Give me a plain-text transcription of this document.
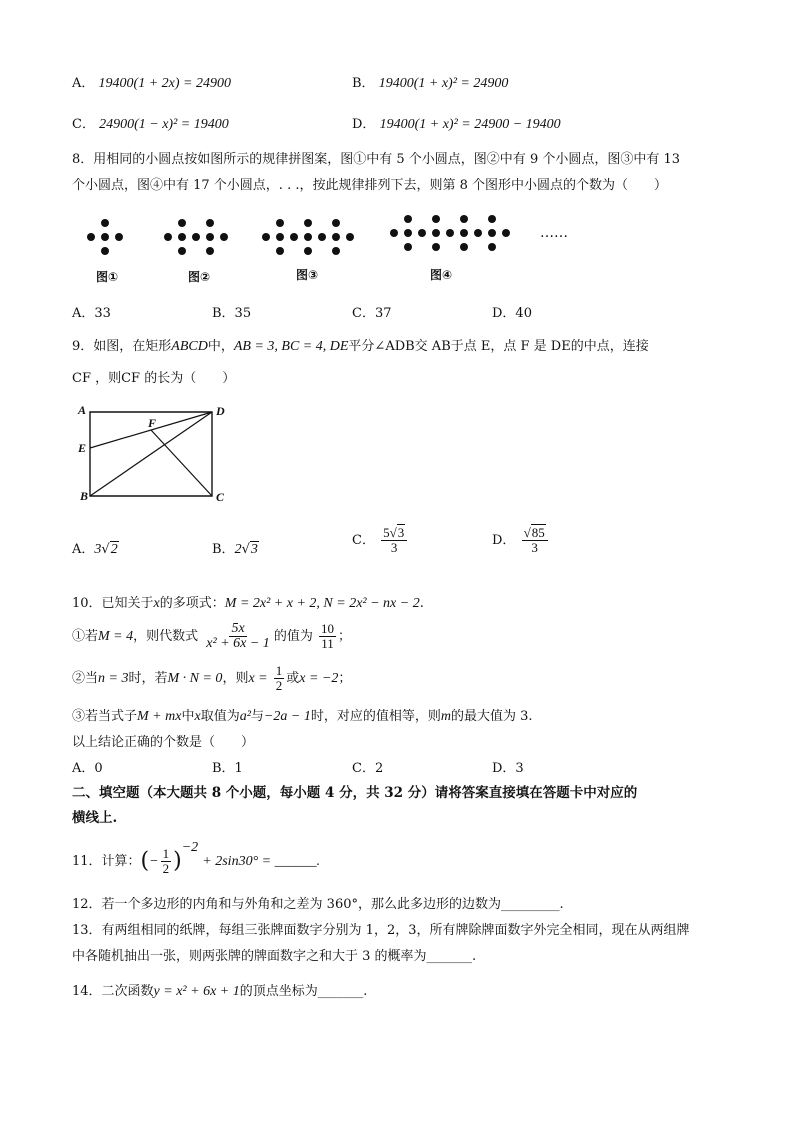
A． 19400(1 + 2x) = 24900	B． 19400(1 + x)² = 24900
C． 24900(1 − x)² = 19400	D． 19400(1 + x)² = 24900 − 19400
8．用相同的小圆点按如图所示的规律拼图案，图①中有 5 个小圆点，图②中有 9 个小圆点，图③中有 13
个小圆点，图④中有 17 个小圆点，. . .，按此规律排列下去，则第 8 个图形中小圆点的个数为（　　）
……
图①	图②	图③	图④
A．33	B．35	C．37	D．40
9．如图，在矩形ABCD中，AB = 3, BC = 4, DE平分∠ADB交 AB于点 E，点 F 是 DE的中点，连接
CF ，则CF 的长为（　　）
A	D
E
F
B	C
A．3√2	B．2√3
C． $\frac{5√3}{3}$	D． $\frac{√85}{3}$
10．已知关于x的多项式：M = 2x² + x + 2, N = 2x² − nx − 2.
①若M = 4，则代数式 $\frac{5x}{\text{x² + 6x − 1}}$ 的值为 $\frac{10}{11}$ ；
②当n = 3时，若M · N = 0，则$x = \frac{1}{2}$ 或x = −2；
③若当式子M + mx中x取值为a²与−2a − 1时，对应的值相等，则m的最大值为 3.
以上结论正确的个数是（　　）
A．0	B．1	C．2	D．3
二、填空题（本大题共 8 个小题，每小题 4 分，共 32 分）请将答案直接填在答题卡中对应的
横线上.
11．计算：(− $\frac{1}{2} )^{-2} + 2\sin 30^\circ$ = ______.
12．若一个多边形的内角和与外角和之差为 360°，那么此多边形的边数为_________.
13．有两组相同的纸牌，每组三张牌面数字分别为 1，2，3，所有牌除牌面数字外完全相同，现在从两组牌
中各随机抽出一张，则两张牌的牌面数字之和大于 3 的概率为_______.
14．二次函数y = x² + 6x + 1的顶点坐标为_______.
